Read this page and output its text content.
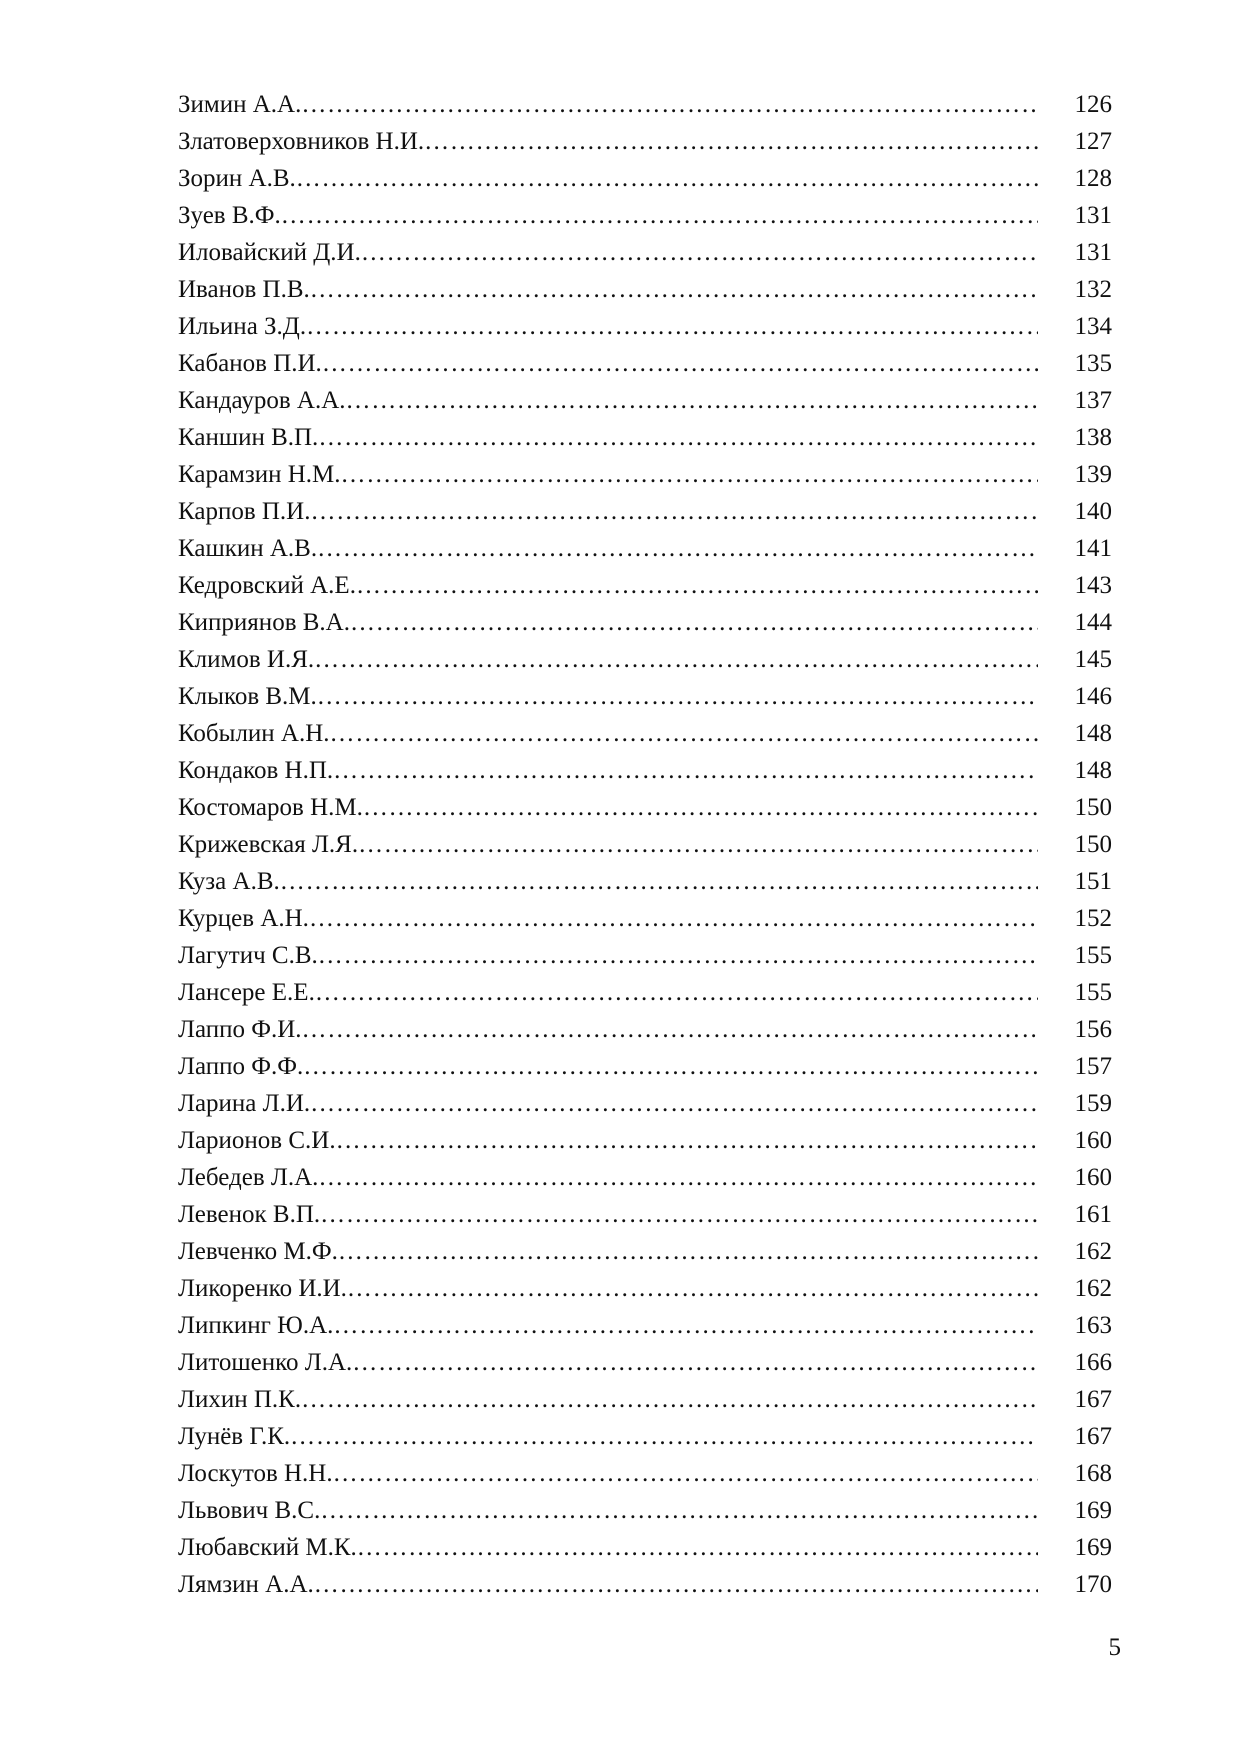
Зимин А.А. ………………………………………………………………………………………………………………………………………………………………	126
Златоверховников Н.И. ………………………………………………………………………………………………………………………………………………………………	127
Зорин А.В. ………………………………………………………………………………………………………………………………………………………………	128
Зуев В.Ф. ………………………………………………………………………………………………………………………………………………………………	131
Иловайский Д.И. ………………………………………………………………………………………………………………………………………………………………	131
Иванов П.В. ………………………………………………………………………………………………………………………………………………………………	132
Ильина З.Д. ………………………………………………………………………………………………………………………………………………………………	134
Кабанов П.И. ………………………………………………………………………………………………………………………………………………………………	135
Кандауров А.А. ………………………………………………………………………………………………………………………………………………………………	137
Каншин В.П. ………………………………………………………………………………………………………………………………………………………………	138
Карамзин Н.М. ………………………………………………………………………………………………………………………………………………………………	139
Карпов П.И. ………………………………………………………………………………………………………………………………………………………………	140
Кашкин А.В. ………………………………………………………………………………………………………………………………………………………………	141
Кедровский А.Е. ………………………………………………………………………………………………………………………………………………………………	143
Киприянов В.А. ………………………………………………………………………………………………………………………………………………………………	144
Климов И.Я. ………………………………………………………………………………………………………………………………………………………………	145
Клыков В.М. ………………………………………………………………………………………………………………………………………………………………	146
Кобылин А.Н. ………………………………………………………………………………………………………………………………………………………………	148
Кондаков Н.П. ………………………………………………………………………………………………………………………………………………………………	148
Костомаров Н.М. ………………………………………………………………………………………………………………………………………………………………	150
Крижевская Л.Я. ………………………………………………………………………………………………………………………………………………………………	150
Куза А.В. ………………………………………………………………………………………………………………………………………………………………	151
Курцев А.Н. ………………………………………………………………………………………………………………………………………………………………	152
Лагутич С.В. ………………………………………………………………………………………………………………………………………………………………	155
Лансере Е.Е. ………………………………………………………………………………………………………………………………………………………………	155
Лаппо Ф.И. ………………………………………………………………………………………………………………………………………………………………	156
Лаппо Ф.Ф. ………………………………………………………………………………………………………………………………………………………………	157
Ларина Л.И. ………………………………………………………………………………………………………………………………………………………………	159
Ларионов С.И. ………………………………………………………………………………………………………………………………………………………………	160
Лебедев Л.А. ………………………………………………………………………………………………………………………………………………………………	160
Левенок В.П. ………………………………………………………………………………………………………………………………………………………………	161
Левченко М.Ф. ………………………………………………………………………………………………………………………………………………………………	162
Ликоренко И.И. ………………………………………………………………………………………………………………………………………………………………	162
Липкинг Ю.А. ………………………………………………………………………………………………………………………………………………………………	163
Литошенко Л.А. ………………………………………………………………………………………………………………………………………………………………	166
Лихин П.К. ………………………………………………………………………………………………………………………………………………………………	167
Лунёв Г.К. ………………………………………………………………………………………………………………………………………………………………	167
Лоскутов Н.Н. ………………………………………………………………………………………………………………………………………………………………	168
Львович В.С. ………………………………………………………………………………………………………………………………………………………………	169
Любавский М.К. ………………………………………………………………………………………………………………………………………………………………	169
Лямзин А.А. ………………………………………………………………………………………………………………………………………………………………	170
5
